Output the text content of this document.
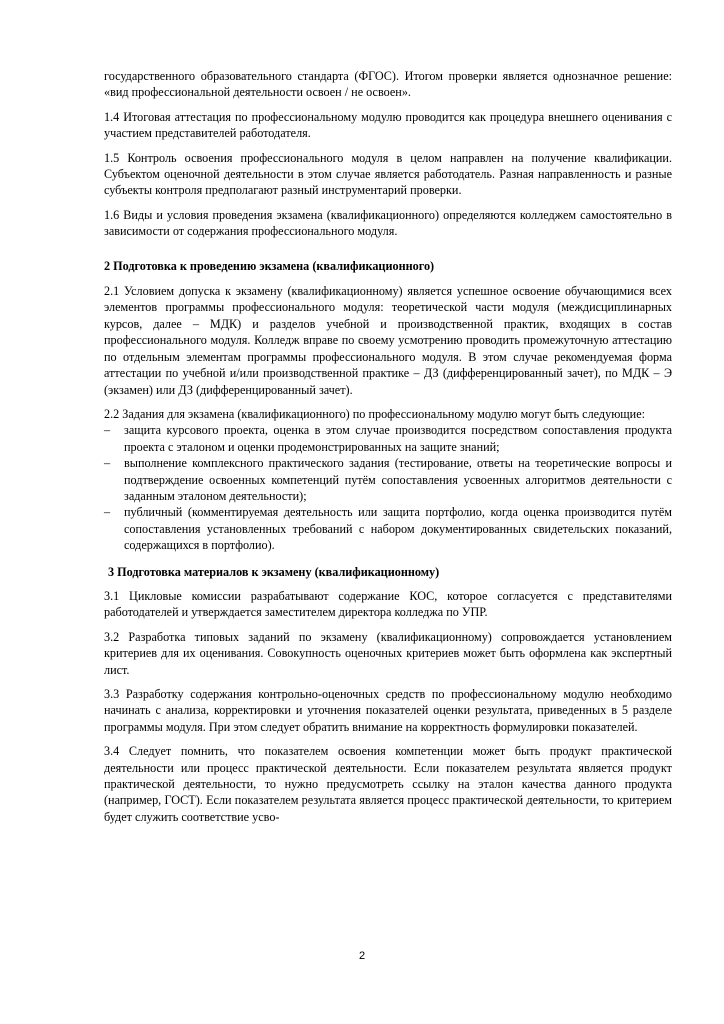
государственного образовательного стандарта (ФГОС). Итогом проверки является однозначное решение: «вид профессиональной деятельности освоен / не освоен».

1.4 Итоговая аттестация по профессиональному модулю проводится как процедура внешнего оценивания с участием представителей работодателя.

1.5 Контроль освоения профессионального модуля в целом направлен на получение квалификации. Субъектом оценочной деятельности в этом случае является работодатель. Разная направленность и разные субъекты контроля предполагают разный инструментарий проверки.

1.6 Виды и условия проведения экзамена (квалификационного) определяются колледжем самостоятельно в зависимости от содержания профессионального модуля.

2 Подготовка к проведению экзамена (квалификационного)

2.1 Условием допуска к экзамену (квалификационному) является успешное освоение обучающимися всех элементов программы профессионального модуля: теоретической части модуля (междисциплинарных курсов, далее – МДК) и разделов учебной и производственной практик, входящих в состав профессионального модуля. Колледж вправе по своему усмотрению проводить промежуточную аттестацию по отдельным элементам программы профессионального модуля. В этом случае рекомендуемая форма аттестации по учебной и/или производственной практике – ДЗ (дифференцированный зачет), по МДК – Э (экзамен) или ДЗ (дифференцированный зачет).

2.2 Задания для экзамена (квалификационного) по профессиональному модулю могут быть следующие:

– защита курсового проекта, оценка в этом случае производится посредством сопоставления продукта проекта с эталоном и оценки продемонстрированных на защите знаний;
– выполнение комплексного практического задания (тестирование, ответы на теоретические вопросы и подтверждение освоенных компетенций путём сопоставления усвоенных алгоритмов деятельности с заданным эталоном деятельности);
– публичный (комментируемая деятельность или защита портфолио, когда оценка производится путём сопоставления установленных требований с набором документированных свидетельских показаний, содержащихся в портфолио).
3 Подготовка материалов к экзамену (квалификационному)

3.1 Цикловые комиссии разрабатывают содержание КОС, которое согласуется с представителями работодателей и утверждается заместителем директора колледжа по УПР.

3.2 Разработка типовых заданий по экзамену (квалификационному) сопровождается установлением критериев для их оценивания. Совокупность оценочных критериев может быть оформлена как экспертный лист.

3.3 Разработку содержания контрольно-оценочных средств по профессиональному модулю необходимо начинать с анализа, корректировки и уточнения показателей оценки результата, приведенных в 5 разделе программы модуля. При этом следует обратить внимание на корректность формулировки показателей.

3.4 Следует помнить, что показателем освоения компетенции может быть продукт практической деятельности или процесс практической деятельности. Если показателем результата является продукт практической деятельности, то нужно предусмотреть ссылку на эталон качества данного продукта (например, ГОСТ). Если показателем результата является процесс практической деятельности, то критерием будет служить соответствие усво-

2
